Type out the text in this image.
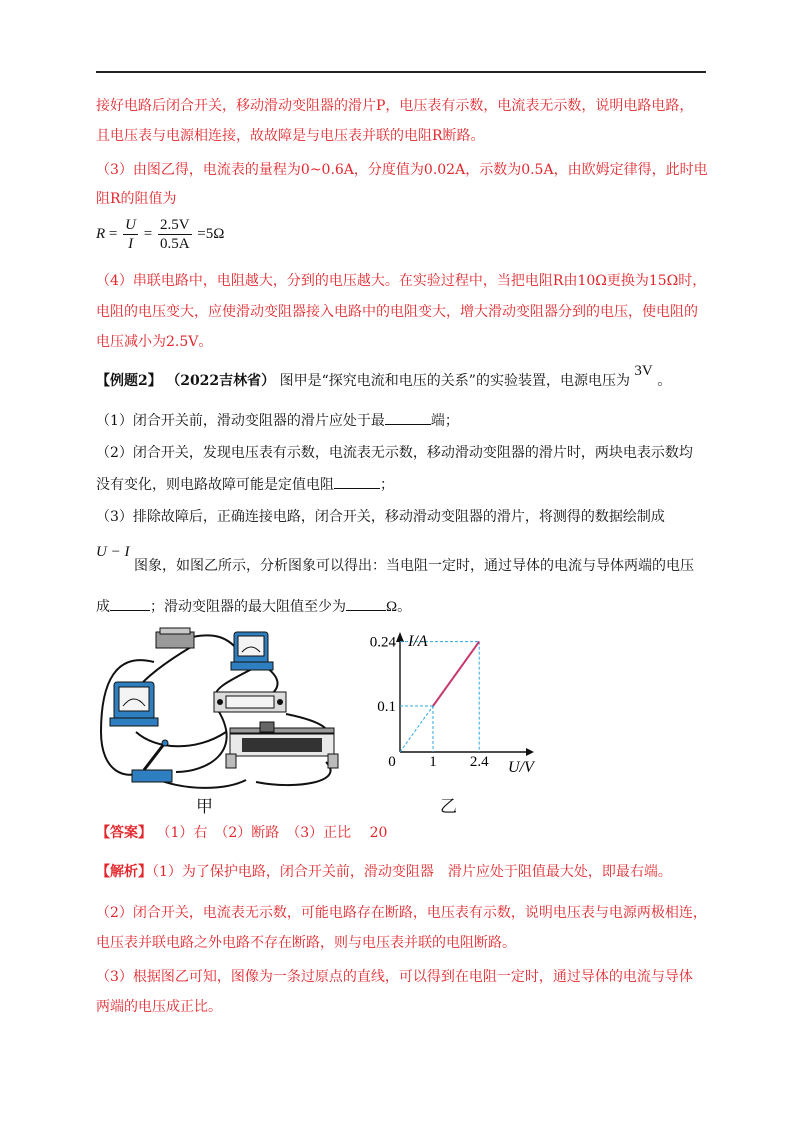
接好电路后闭合开关，移动滑动变阻器的滑片P，电压表有示数，电流表无示数，说明电路电路，
且电压表与电源相连接，故故障是与电压表并联的电阻R断路。
（3）由图乙得，电流表的量程为0~0.6A，分度值为0.02A，示数为0.5A，由欧姆定律得，此时电
阻R的阻值为
$R = \frac{U}{I} = \frac{2.5V}{0.5A} =5\Omega$
（4）串联电路中，电阻越大，分到的电压越大。在实验过程中，当把电阻R由10Ω更换为15Ω时，
电阻的电压变大，应使滑动变阻器接入电路中的电阻变大，增大滑动变阻器分到的电压，使电阻的
电压减小为2.5V。
【例题2】 （2022吉林省） 图甲是“探究电流和电压的关系”的实验装置，电源电压为 3V 。
（1）闭合开关前，滑动变阻器的滑片应处于最	端；
（2）闭合开关，发现电压表有示数，电流表无示数，移动滑动变阻器的滑片时，两块电表示数均
没有变化，则电路故障可能是定值电阻	；
（3）排除故障后，正确连接电路，闭合开关，移动滑动变阻器的滑片，将测得的数据绘制成
U − I
图象，如图乙所示，分析图象可以得出：当电阻一定时，通过导体的电流与导体两端的电压
成	；滑动变阻器的最大阻值至少为	Ω。
甲
0 1 2.4
0.1
0.24
U/V
I/A
乙
【答案】 （1）右　（2）断路　（3）正比　 20
【解析】（1）为了保护电路，闭合开关前，滑动变阻器　滑片应处于阻值最大处，即最右端。
（2）闭合开关，电流表无示数，可能电路存在断路，电压表有示数，说明电压表与电源两极相连，
电压表并联电路之外电路不存在断路，则与电压表并联的电阻断路。
（3）根据图乙可知，图像为一条过原点的直线，可以得到在电阻一定时，通过导体的电流与导体
两端的电压成正比。
